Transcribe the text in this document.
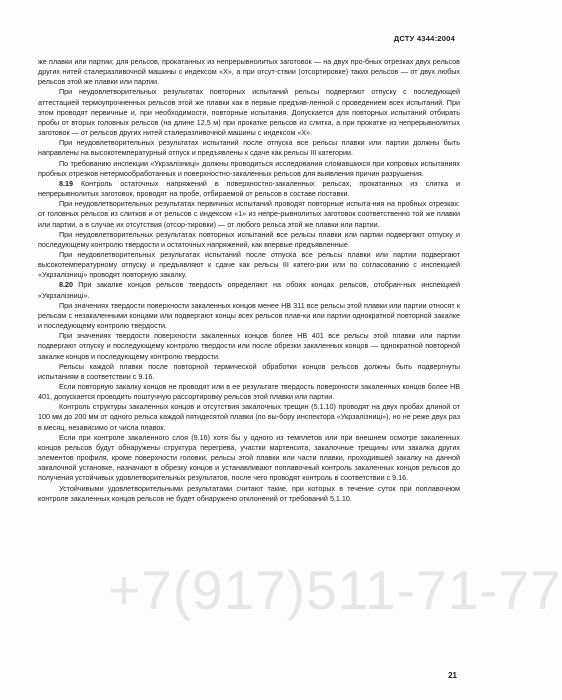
ДСТУ 4344:2004

же плавки или партии; для рельсов, прокатанных из непрерывнолитых заготовок — на двух про-бных отрезках двух рельсов других нитей сталеразливочной машины с индексом «Х», а при отсут-ствии (отсортировке) таких рельсов — от двух любых рельсов этой же плавки или партии.

При неудовлетворительных результатах повторных испытаний рельсы подвергают отпуску с последующей аттестацией термоупрочненных рельсов этой же плавки как в первые предъяв-ленной с проведением всех испытаний. При этом проводят первичные и, при необходимости, повторные испытания. Допускается для повторных испытаний отбирать пробы от вторых головных рельсов (на длине 12,5 м) при прокатке рельсов из слитка, а при прокатке из непрерывнолитых заготовок — от рельсов других нитей сталеразливочной машины с индексом «Х».

При неудовлетворительных результатах испытаний после отпуска все рельсы плавки или партии должны быть направлены на высокотемпературный отпуск и предъявлены к сдаче как рельсы III категории.

По требованию инспекции «Укрзалізниці» должны проводиться исследования сломавшихся при копровых испытаниях пробных отрезков нетермообработанных и поверхностно-закаленных рельсов для выявления причин разрушения.

8.19 Контроль остаточных напряжений в поверхностно-закаленных рельсах, прокатанных из слитка и непрерывнолитых заготовок, проводят на пробе, отбираемой от рельсов в составе поставки.

При неудовлетворительных результатах первичных испытаний проводят повторные испыта-ния на пробных отрезках: от головных рельсов из слитков и от рельсов с индексом «1» из непре-рывнолитых заготовок соответственно той же плавки или партии, а в случае их отсутствия (отсор-тировки) — от любого рельса этой же плавки или партии.

При неудовлетворительных результатах повторных испытаний все рельсы плавки или партии подвергают отпуску и последующему контролю твердости и остаточных напряжений, как впервые предъявленные.

При неудовлетворительных результатах испытаний после отпуска все рельсы плавки или партии подвергают высокотемпературному отпуску и предъявляют к сдаче как рельсы III катего-рии или по согласованию с инспекцией «Укрзалізниці» проводят повторную закалку.

8.20 При закалке концов рельсов твердость определяют на обоих концах рельсов, отобран-ных инспекцией «Укрзалізниці».

При значениях твердости поверхности закаленных концов менее НВ 311 все рельсы этой плавки или партии относят к рельсам с незакаленными концами или подвергают концы всех рельсов плав-ки или партии однократной повторной закалке и последующему контролю твердости.

При значениях твердости поверхности закаленных концов более НВ 401 все рельсы этой плавки или партии подвергают отпуску и последующему контролю твердости или после обрезки закаленных концов — однократной повторной закалке концов и последующему контролю твердости.

Рельсы каждой плавки после повторной термической обработки концов рельсов должны быть подвергнуты испытаниям в соответствии с 9.16.

Если повторную закалку концов не проводят или в ее результате твердость поверхности закаленных концов более НВ 401, допускается проводить поштучную рассортировку рельсов этой плавки или партии.

Контроль структуры закаленных концов и отсутствия закалочных трещин (5.1.10) проводят на двух пробах длиной от 100 мм до 200 мм от одного рельса каждой пятидесятой плавки (по вы-бору инспектора «Укрзалізниці»), но не реже двух раз в месяц, независимо от числа плавок.

Если при контроле закаленного слоя (9.16) хотя бы у одного из темплетов или при внешнем осмотре закаленных концов рельсов будут обнаружены структура перегрева, участки мартенсита, закалочные трещины или закалка других элементов профиля, кроме поверхности головки, рельсы этой плавки или части плавки, проходившей закалку на данной закалочной установке, назначают в обрезку концов и устанавливают поплавочный контроль закаленных концов рельсов до получения устойчивых удовлетворительных результатов, после чего проводят контроль в соответствии с 9.16.

Устойчивыми удовлетворительными результатами считают такие, при которых в течение суток при поплавочном контроле закаленных концов рельсов не будет обнаружено отклонений от требований 5.1.10.

+7(917)511-71-77
21
